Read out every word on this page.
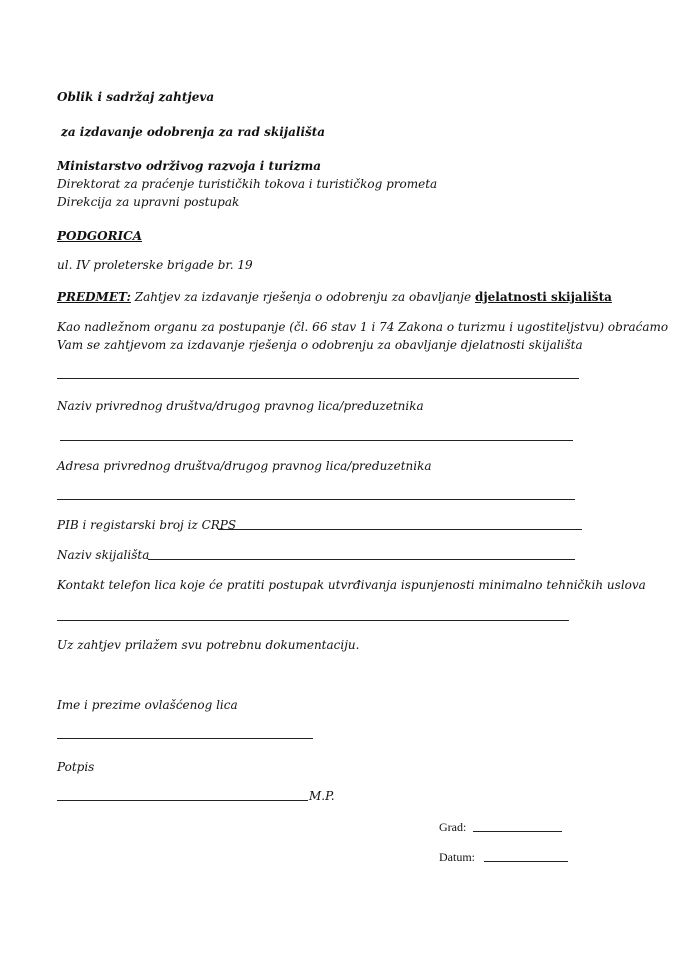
Oblik i sadržaj zahtjeva
za izdavanje odobrenja za rad skijališta
Ministarstvo održivog razvoja i turizma
Direktorat za praćenje turističkih tokova i turističkog prometa
Direkcija za upravni postupak
PODGORICA
ul. IV proleterske brigade br. 19
PREDMET: Zahtjev za izdavanje rješenja o odobrenju za obavljanje djelatnosti skijališta
Kao nadležnom organu za postupanje (čl. 66 stav 1 i 74 Zakona o turizmu i ugostiteljstvu) obraćamo
Vam se zahtjevom za izdavanje rješenja o odobrenju za obavljanje djelatnosti skijališta
Naziv privrednog društva/drugog pravnog lica/preduzetnika
Adresa privrednog društva/drugog pravnog lica/preduzetnika
PIB i registarski broj iz CRPS
Naziv skijališta
Kontakt telefon lica koje će pratiti postupak utvrđivanja ispunjenosti minimalno tehničkih uslova
Uz zahtjev prilažem svu potrebnu dokumentaciju.
Ime i prezime ovlašćenog lica
Potpis
M.P.
Grad:
Datum:
